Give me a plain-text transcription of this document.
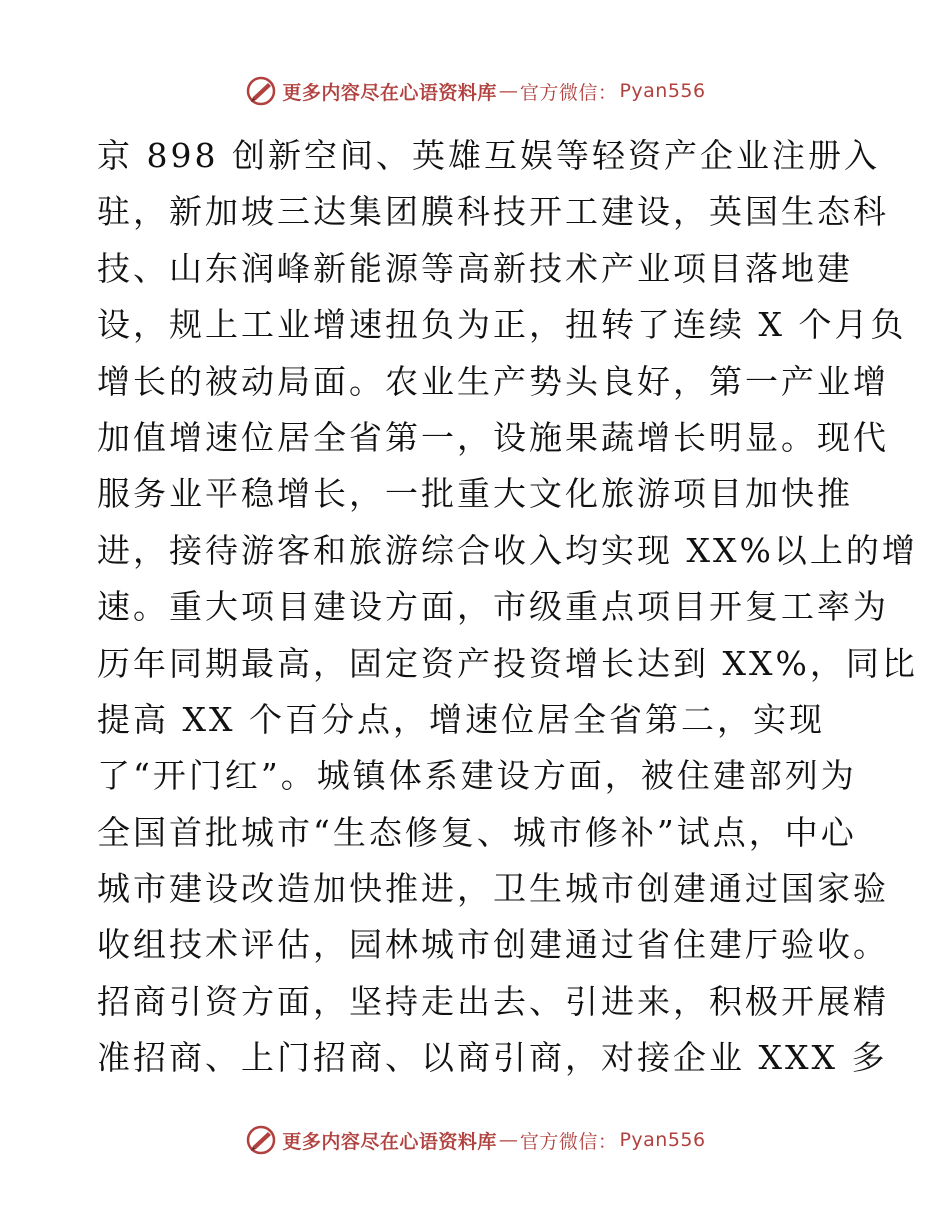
更多内容尽在心语资料库 — 官方微信： Pyan556
京 898 创新空间、英雄互娱等轻资产企业注册入
驻，新加坡三达集团膜科技开工建设，英国生态科
技、山东润峰新能源等高新技术产业项目落地建
设，规上工业增速扭负为正，扭转了连续 X 个月负
增长的被动局面。农业生产势头良好，第一产业增
加值增速位居全省第一，设施果蔬增长明显。现代
服务业平稳增长，一批重大文化旅游项目加快推
进，接待游客和旅游综合收入均实现 XX%以上的增
速。重大项目建设方面，市级重点项目开复工率为
历年同期最高，固定资产投资增长达到 XX%，同比
提高 XX 个百分点，增速位居全省第二，实现
了“开门红”。城镇体系建设方面，被住建部列为
全国首批城市“生态修复、城市修补”试点，中心
城市建设改造加快推进，卫生城市创建通过国家验
收组技术评估，园林城市创建通过省住建厅验收。
招商引资方面，坚持走出去、引进来，积极开展精
准招商、上门招商、以商引商，对接企业 XXX 多
更多内容尽在心语资料库 — 官方微信： Pyan556
